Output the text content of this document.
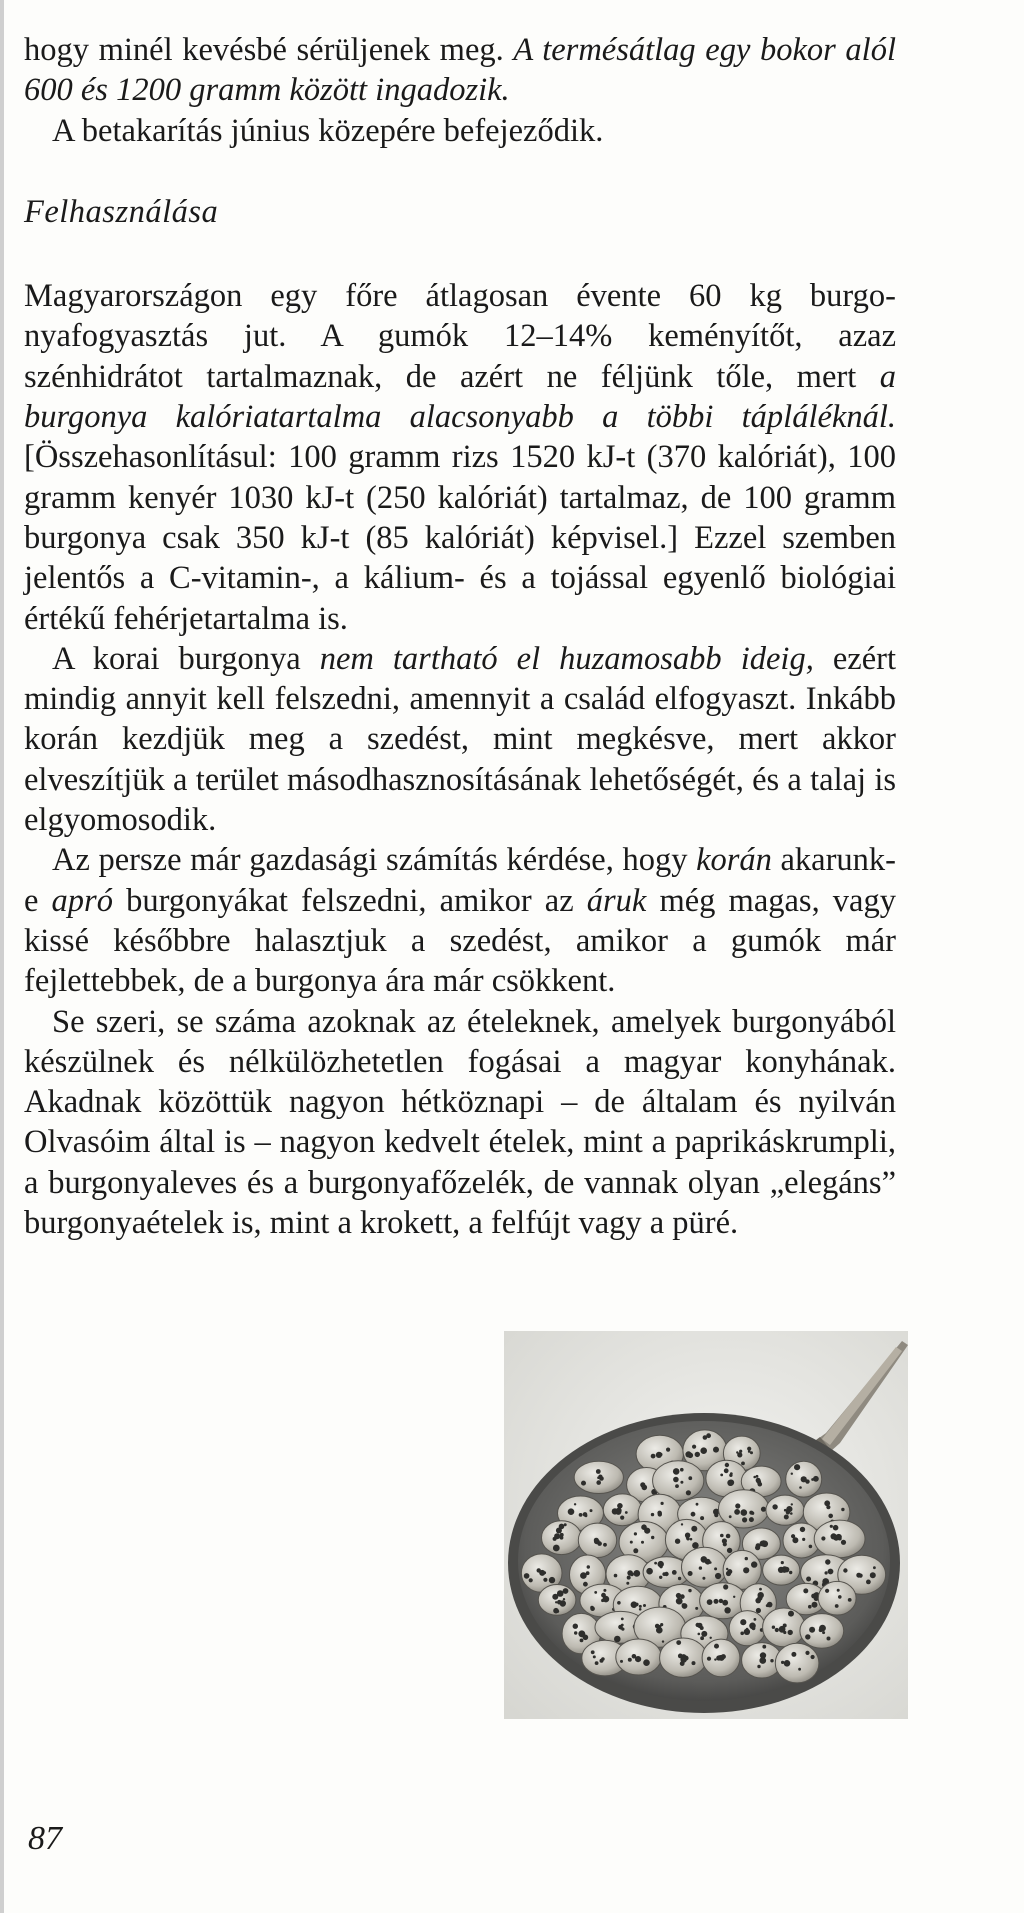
hogy minél kevésbé sérüljenek meg. A termésátlag egy bokor alól 600 és 1200 gramm között ingadozik.

A betakarítás június közepére befejeződik.

Felhasználása

Magyarországon egy főre átlagosan évente 60 kg burgonyafogyasztás jut. A gumók 12–14% keményítőt, azaz szénhidrátot tartalmaznak, de azért ne féljünk tőle, mert a burgonya kalóriatartalma alacsonyabb a többi tápláléknál. [Összehasonlításul: 100 gramm rizs 1520 kJ-t (370 kalóriát), 100 gramm kenyér 1030 kJ-t (250 kalóriát) tartalmaz, de 100 gramm burgonya csak 350 kJ-t (85 kalóriát) képvisel.] Ezzel szemben jelentős a C-vitamin-, a kálium- és a tojással egyenlő biológiai értékű fehérjetartalma is.

A korai burgonya nem tartható el huzamosabb ideig, ezért mindig annyit kell felszedni, amennyit a család elfogyaszt. Inkább korán kezdjük meg a szedést, mint megkésve, mert akkor elveszítjük a terület másodhasznosításának lehetőségét, és a talaj is elgyomosodik.

Az persze már gazdasági számítás kérdése, hogy korán akarunk-e apró burgonyákat felszedni, amikor az áruk még magas, vagy kissé későbbre halasztjuk a szedést, amikor a gumók már fejlettebbek, de a burgonya ára már csökkent.

Se szeri, se száma azoknak az ételeknek, amelyek burgonyából készülnek és nélkülözhetetlen fogásai a magyar konyhának. Akadnak közöttük nagyon hétköznapi – de általam és nyilván Olvasóim által is – nagyon kedvelt ételek, mint a paprikáskrumpli, a burgonyaleves és a burgonyafőzelék, de vannak olyan „elegáns” burgonyaételek is, mint a krokett, a felfújt vagy a püré.

87
